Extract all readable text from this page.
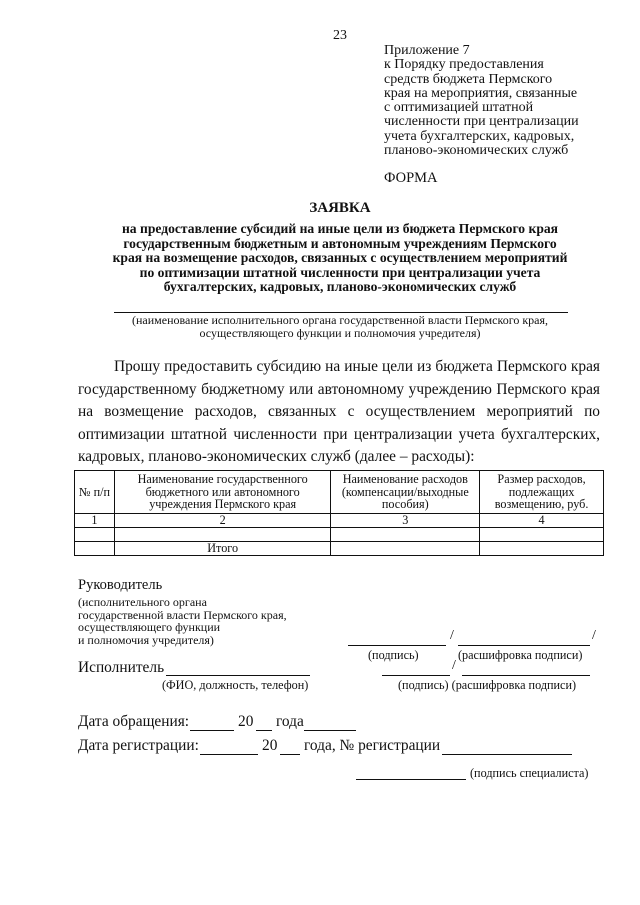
23
Приложение 7
к Порядку предоставления
средств бюджета Пермского
края на мероприятия, связанные
с оптимизацией штатной
численности при централизации
учета бухгалтерских, кадровых,
планово-экономических служб
ФОРМА
ЗАЯВКА
на предоставление субсидий на иные цели из бюджета Пермского края
государственным бюджетным и автономным учреждениям Пермского
края на возмещение расходов, связанных с осуществлением мероприятий
по оптимизации штатной численности при централизации учета
бухгалтерских, кадровых, планово-экономических служб
(наименование исполнительного органа государственной власти Пермского края,
осуществляющего функции и полномочия учредителя)

Прошу предоставить субсидию на иные цели из бюджета Пермского края государственному бюджетному или автономному учреждению Пермского края на возмещение расходов, связанных с осуществлением мероприятий по оптимизации штатной численности при централизации учета бухгалтерских, кадровых, планово-экономических служб (далее – расходы):

№ п/п	Наименование государственного бюджетного или автономного учреждения Пермского края	Наименование расходов (компенсации/выходные пособия)	Размер расходов, подлежащих возмещению, руб.
1	2	3	4

	Итого		
Руководитель
(исполнительного органа
государственной власти Пермского края,
осуществляющего функции
и полномочия учредителя)	/	/
(подпись)	(расшифровка подписи)
Исполнитель
(ФИО, должность, телефон)
/
(подпись) (расшифровка подписи)
Дата обращения:	20 года
Дата регистрации:	20 года, № регистрации
(подпись специалиста)
